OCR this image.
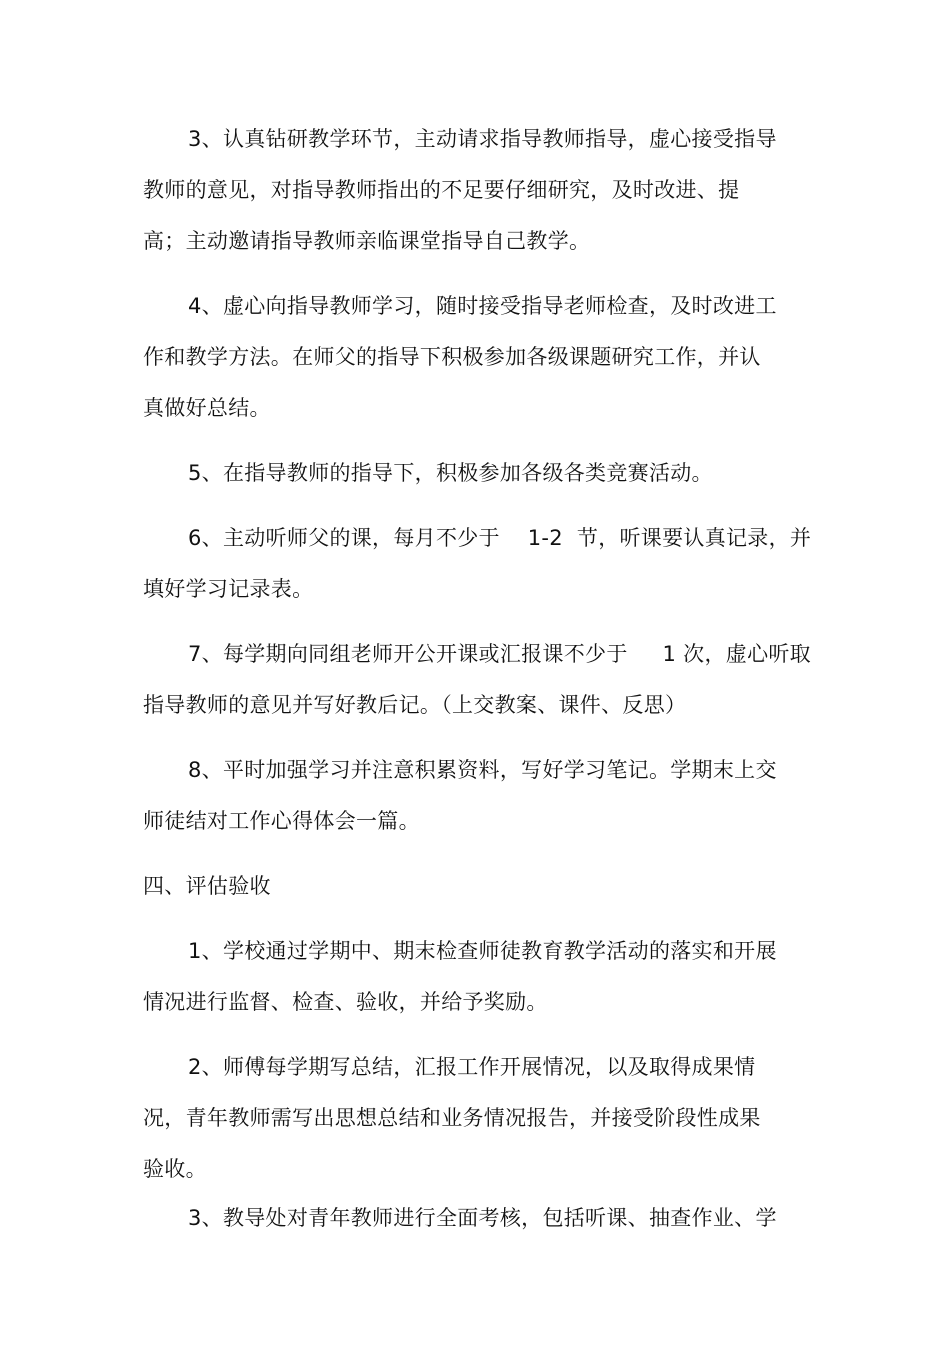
3、认真钻研教学环节，主动请求指导教师指导，虚心接受指导
教师的意见，对指导教师指出的不足要仔细研究，及时改进、提
高；主动邀请指导教师亲临课堂指导自己教学。
4、虚心向指导教师学习，随时接受指导老师检查，及时改进工
作和教学方法。在师父的指导下积极参加各级课题研究工作，并认
真做好总结。
5、在指导教师的指导下，积极参加各级各类竞赛活动。
6、主动听师父的课，每月不少于    1-2  节，听课要认真记录，并
填好学习记录表。
7、每学期向同组老师开公开课或汇报课不少于     1 次，虚心听取
指导教师的意见并写好教后记。（上交教案、课件、反思）
8、平时加强学习并注意积累资料，写好学习笔记。学期末上交
师徒结对工作心得体会一篇。
四、评估验收
1、学校通过学期中、期末检查师徒教育教学活动的落实和开展
情况进行监督、检查、验收，并给予奖励。
2、师傅每学期写总结，汇报工作开展情况，以及取得成果情
况，青年教师需写出思想总结和业务情况报告，并接受阶段性成果
验收。
3、教导处对青年教师进行全面考核，包括听课、抽查作业、学
